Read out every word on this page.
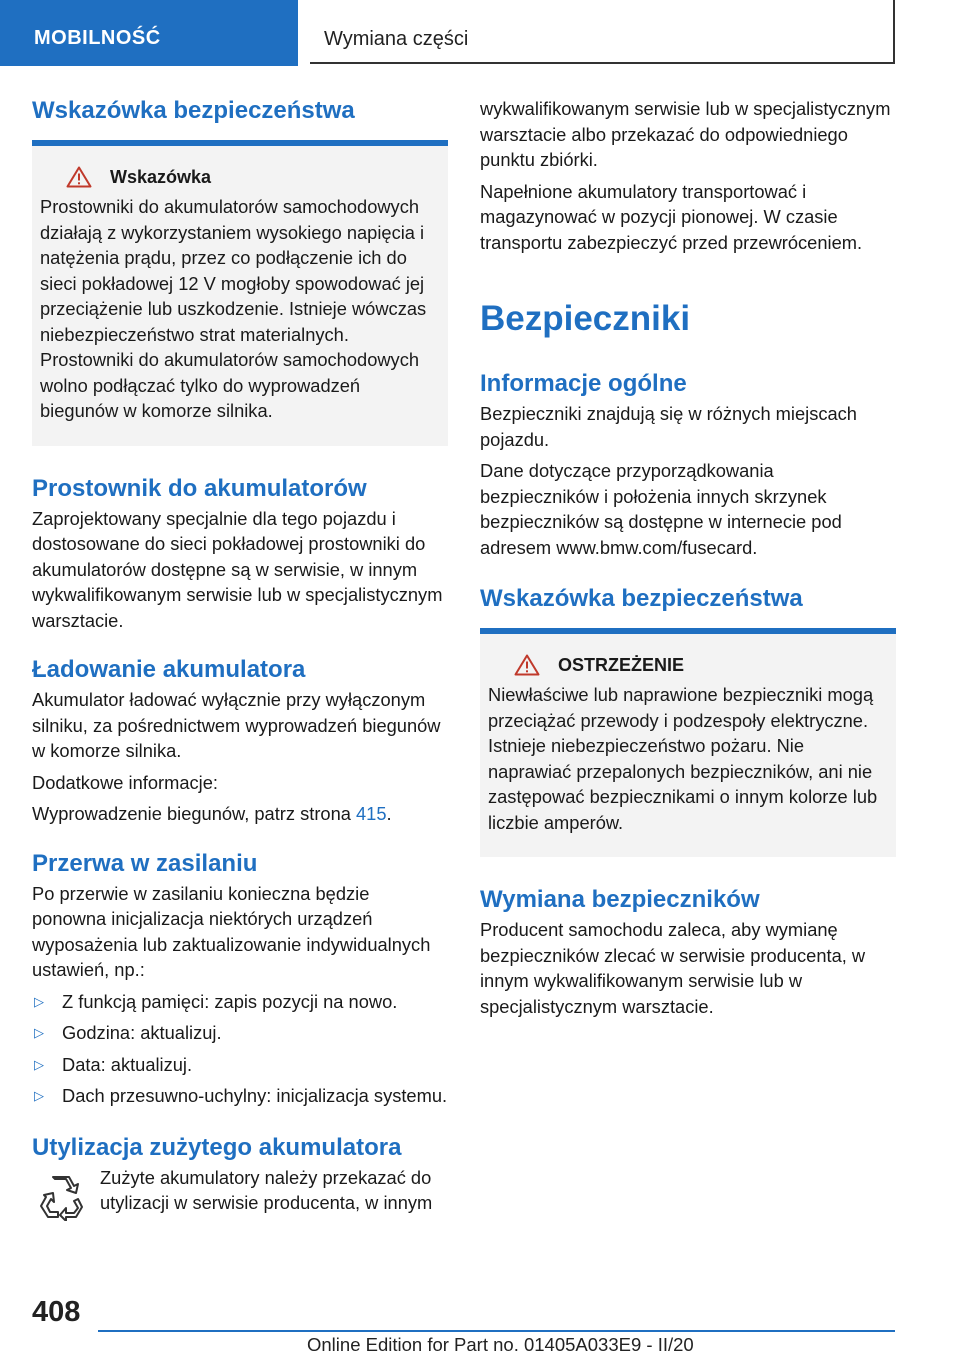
MOBILNOŚĆ	Wymiana części
Wskazówka bezpieczeństwa
Wskazówka

Prostowniki do akumulatorów samochodowych działają z wykorzystaniem wysokiego napięcia i natężenia prądu, przez co podłączenie ich do sieci pokładowej 12 V mogłoby spowodować jej przeciążenie lub uszkodzenie. Istnieje wówczas niebezpieczeństwo strat materialnych. Prostowniki do akumulatorów samochodowych wolno podłączać tylko do wyprowadzeń biegunów w komorze silnika.

Prostownik do akumulatorów

Zaprojektowany specjalnie dla tego pojazdu i dostosowane do sieci pokładowej prostowniki do akumulatorów dostępne są w serwisie, w innym wykwalifikowanym serwisie lub w specjalistycznym warsztacie.

Ładowanie akumulatora

Akumulator ładować wyłącznie przy wyłączonym silniku, za pośrednictwem wyprowadzeń biegunów w komorze silnika.

Dodatkowe informacje:

Wyprowadzenie biegunów, patrz strona 415.

Przerwa w zasilaniu

Po przerwie w zasilaniu konieczna będzie ponowna inicjalizacja niektórych urządzeń wyposażenia lub zaktualizowanie indywidualnych ustawień, np.:

▷ Z funkcją pamięci: zapis pozycji na nowo.
▷ Godzina: aktualizuj.
▷ Data: aktualizuj.
▷ Dach przesuwno-uchylny: inicjalizacja systemu.
Utylizacja zużytego akumulatora

Zużyte akumulatory należy przekazać do utylizacji w serwisie producenta, w innym

wykwalifikowanym serwisie lub w specjalistycznym warsztacie albo przekazać do odpowiedniego punktu zbiórki.

Napełnione akumulatory transportować i magazynować w pozycji pionowej. W czasie transportu zabezpieczyć przed przewróceniem.

Bezpieczniki
Informacje ogólne

Bezpieczniki znajdują się w różnych miejscach pojazdu.

Dane dotyczące przyporządkowania bezpieczników i położenia innych skrzynek bezpieczników są dostępne w internecie pod adresem www.bmw.com/fusecard.

Wskazówka bezpieczeństwa
OSTRZEŻENIE

Niewłaściwe lub naprawione bezpieczniki mogą przeciążać przewody i podzespoły elektryczne. Istnieje niebezpieczeństwo pożaru. Nie naprawiać przepalonych bezpieczników, ani nie zastępować bezpiecznikami o innym kolorze lub liczbie amperów.

Wymiana bezpieczników

Producent samochodu zaleca, aby wymianę bezpieczników zlecać w serwisie producenta, w innym wykwalifikowanym serwisie lub w specjalistycznym warsztacie.

408
Online Edition for Part no. 01405A033E9 - II/20
